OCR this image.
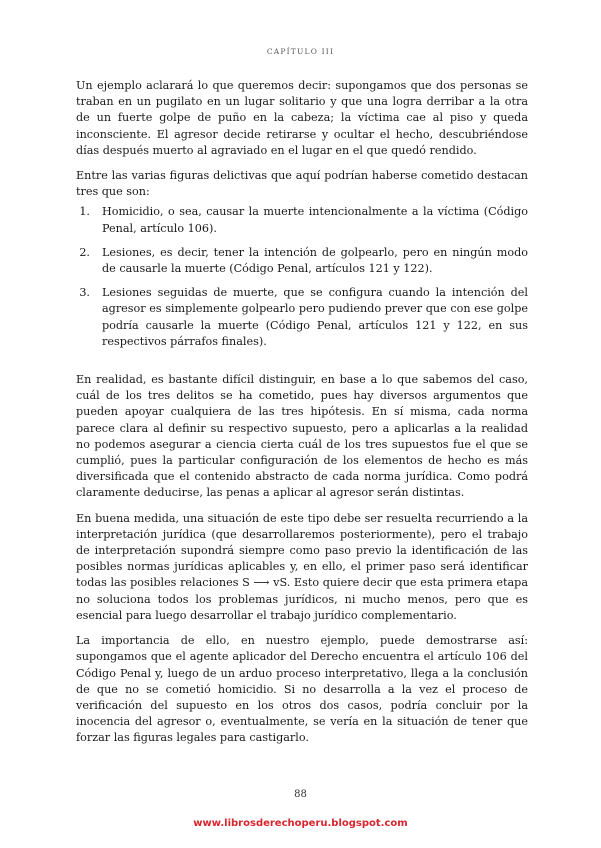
CAPÍTULO III

Un ejemplo aclarará lo que queremos decir: supongamos que dos personas se traban en un pugilato en un lugar solitario y que una logra derribar a la otra de un fuerte golpe de puño en la cabeza; la víctima cae al piso y queda inconsciente. El agresor decide retirarse y ocultar el hecho, descubriéndose días después muerto al agraviado en el lugar en el que quedó rendido.

Entre las varias figuras delictivas que aquí podrían haberse cometido destacan tres que son:

1.	Homicidio, o sea, causar la muerte intencionalmente a la víctima (Código Penal, artículo 106).
2.	Lesiones, es decir, tener la intención de golpearlo, pero en ningún modo de causarle la muerte (Código Penal, artículos 121 y 122).
3.	Lesiones seguidas de muerte, que se configura cuando la intención del agresor es simplemente golpearlo pero pudiendo prever que con ese golpe podría causarle la muerte (Código Penal, artículos 121 y 122, en sus respectivos párrafos finales).

En realidad, es bastante difícil distinguir, en base a lo que sabemos del caso, cuál de los tres delitos se ha cometido, pues hay diversos argumentos que pueden apoyar cualquiera de las tres hipótesis. En sí misma, cada norma parece clara al definir su respectivo supuesto, pero a aplicarlas a la realidad no podemos asegurar a ciencia cierta cuál de los tres supuestos fue el que se cumplió, pues la particular configuración de los elementos de hecho es más diversificada que el contenido abstracto de cada norma jurídica. Como podrá claramente deducirse, las penas a aplicar al agresor serán distintas.

En buena medida, una situación de este tipo debe ser resuelta recurriendo a la interpretación jurídica (que desarrollaremos posteriormente), pero el trabajo de interpretación supondrá siempre como paso previo la identificación de las posibles normas jurídicas aplicables y, en ello, el primer paso será identificar todas las posibles relaciones S ⟶ vS. Esto quiere decir que esta primera etapa no soluciona todos los problemas jurídicos, ni mucho menos, pero que es esencial para luego desarrollar el trabajo jurídico complementario.

La importancia de ello, en nuestro ejemplo, puede demostrarse así: supongamos que el agente aplicador del Derecho encuentra el artículo 106 del Código Penal y, luego de un arduo proceso interpretativo, llega a la conclusión de que no se cometió homicidio. Si no desarrolla a la vez el proceso de verificación del supuesto en los otros dos casos, podría concluir por la inocencia del agresor o, eventualmente, se vería en la situación de tener que forzar las figuras legales para castigarlo.

88
www.librosderechoperu.blogspot.com
